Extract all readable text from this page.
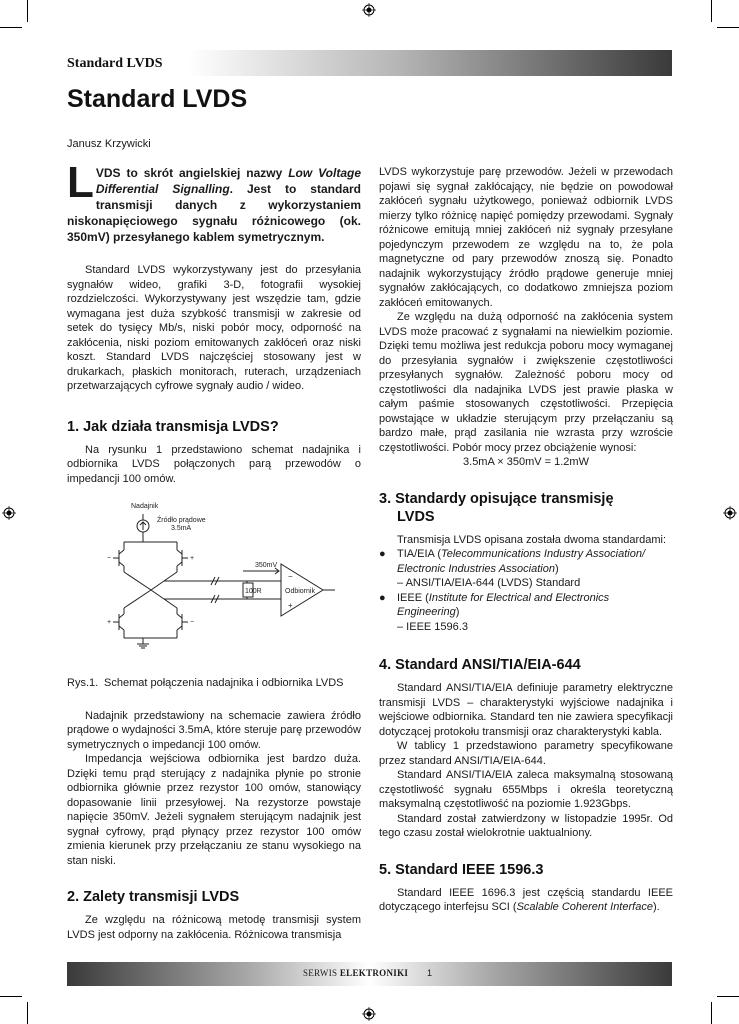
Standard LVDS
Standard LVDS
Janusz Krzywicki
LVDS to skrót angielskiej nazwy Low Voltage Differential Signalling. Jest to standard transmisji danych z wykorzystaniem niskonapięciowego sygnału różnicowego (ok. 350mV) przesyłanego kablem symetrycznym.

Standard LVDS wykorzystywany jest do przesyłania sygnałów wideo, grafiki 3-D, fotografii wysokiej rozdzielczości. Wykorzystywany jest wszędzie tam, gdzie wymagana jest duża szybkość transmisji w zakresie od setek do tysięcy Mb/s, niski pobór mocy, odporność na zakłócenia, niski poziom emitowanych zakłóceń oraz niski koszt. Standard LVDS najczęściej stosowany jest w drukarkach, płaskich monitorach, ruterach, urządzeniach przetwarzających cyfrowe sygnały audio / wideo.

1. Jak działa transmisja LVDS?

Na rysunku 1 przedstawiono schemat nadajnika i odbiornika LVDS połączonych parą przewodów o impedancji 100 omów.

Nadajnik
Źródło prądowe
3.5mA
350mV
100R	Odbiornik
−
+
−	+
+	−
Rys.1. Schemat połączenia nadajnika i odbiornika LVDS

Nadajnik przedstawiony na schemacie zawiera źródło prądowe o wydajności 3.5mA, które steruje parę przewodów symetrycznych o impedancji 100 omów.

Impedancja wejściowa odbiornika jest bardzo duża. Dzięki temu prąd sterujący z nadajnika płynie po stronie odbiornika głównie przez rezystor 100 omów, stanowiący dopasowanie linii przesyłowej. Na rezystorze powstaje napięcie 350mV. Jeżeli sygnałem sterującym nadajnik jest sygnał cyfrowy, prąd płynący przez rezystor 100 omów zmienia kierunek przy przełączaniu ze stanu wysokiego na stan niski.

2. Zalety transmisji LVDS

Ze względu na różnicową metodę transmisji system LVDS jest odporny na zakłócenia. Różnicowa transmisja

LVDS wykorzystuje parę przewodów. Jeżeli w przewodach pojawi się sygnał zakłócający, nie będzie on powodował zakłóceń sygnału użytkowego, ponieważ odbiornik LVDS mierzy tylko różnicę napięć pomiędzy przewodami. Sygnały różnicowe emitują mniej zakłóceń niż sygnały przesyłane pojedynczym przewodem ze względu na to, że pola magnetyczne od pary przewodów znoszą się. Ponadto nadajnik wykorzystujący źródło prądowe generuje mniej sygnałów zakłócających, co dodatkowo zmniejsza poziom zakłóceń emitowanych.

Ze względu na dużą odporność na zakłócenia system LVDS może pracować z sygnałami na niewielkim poziomie. Dzięki temu możliwa jest redukcja poboru mocy wymaganej do przesyłania sygnałów i zwiększenie częstotliwości przesyłanych sygnałów. Zależność poboru mocy od częstotliwości dla nadajnika LVDS jest prawie płaska w całym paśmie stosowanych częstotliwości. Przepięcia powstające w układzie sterującym przy przełączaniu są bardzo małe, prąd zasilania nie wzrasta przy wzroście częstotliwości. Pobór mocy przez obciążenie wynosi:

3.5mA × 350mV = 1.2mW
3. Standardy opisujące transmisję
LVDS

Transmisja LVDS opisana została dwoma standardami:

● TIA/EIA (Telecommunications Industry Association/ Electronic Industries Association)
– ANSI/TIA/EIA-644 (LVDS) Standard
● IEEE (Institute for Electrical and Electronics Engineering)
– IEEE 1596.3
4. Standard ANSI/TIA/EIA-644

Standard ANSI/TIA/EIA definiuje parametry elektryczne transmisji LVDS – charakterystyki wyjściowe nadajnika i wejściowe odbiornika. Standard ten nie zawiera specyfikacji dotyczącej protokołu transmisji oraz charakterystyki kabla.

W tablicy 1 przedstawiono parametry specyfikowane przez standard ANSI/TIA/EIA-644.

Standard ANSI/TIA/EIA zaleca maksymalną stosowaną częstotliwość sygnału 655Mbps i określa teoretyczną maksymalną częstotliwość na poziomie 1.923Gbps.

Standard został zatwierdzony w listopadzie 1995r. Od tego czasu został wielokrotnie uaktualniony.

5. Standard IEEE 1596.3

Standard IEEE 1696.3 jest częścią standardu IEEE dotyczącego interfejsu SCI (Scalable Coherent Interface).

SERWIS ELEKTRONIKI 1
